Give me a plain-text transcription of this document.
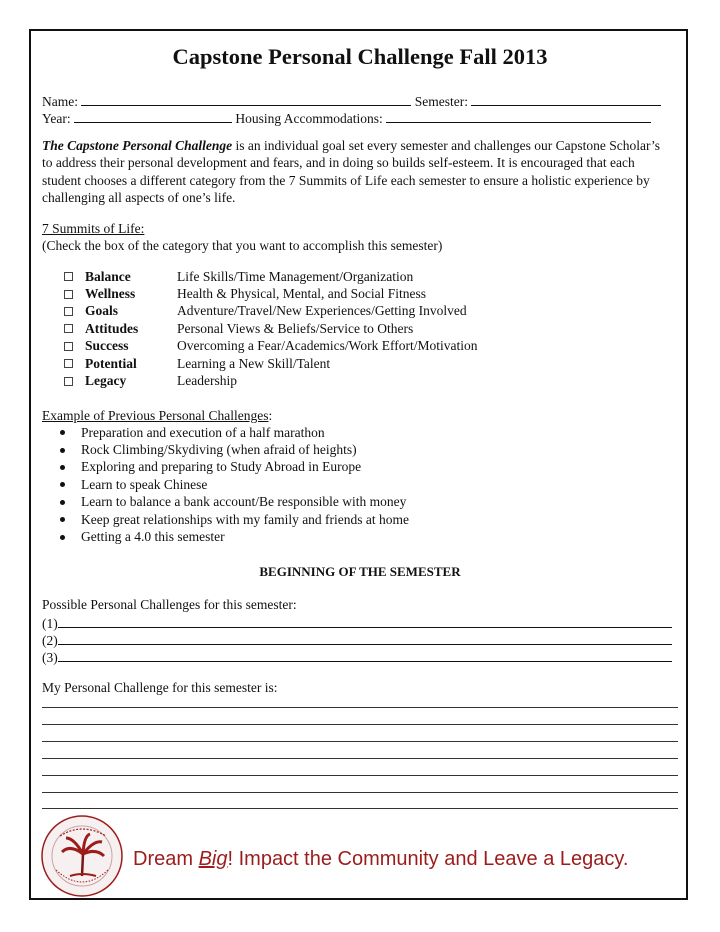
Capstone Personal Challenge Fall 2013
Name:	Semester:
Year:	Housing Accommodations:
The Capstone Personal Challenge is an individual goal set every semester and challenges our Capstone Scholar’s to address their personal development and fears, and in doing so builds self-esteem. It is encouraged that each student chooses a different category from the 7 Summits of Life each semester to ensure a holistic experience by challenging all aspects of one’s life.
7 Summits of Life:
(Check the box of the category that you want to accomplish this semester)
Balance	Life Skills/Time Management/Organization
Wellness	Health & Physical, Mental, and Social Fitness
Goals	Adventure/Travel/New Experiences/Getting Involved
Attitudes	Personal Views & Beliefs/Service to Others
Success	Overcoming a Fear/Academics/Work Effort/Motivation
Potential	Learning a New Skill/Talent
Legacy	Leadership
Example of Previous Personal Challenges:
Preparation and execution of a half marathon
Rock Climbing/Skydiving (when afraid of heights)
Exploring and preparing to Study Abroad in Europe
Learn to speak Chinese
Learn to balance a bank account/Be responsible with money
Keep great relationships with my family and friends at home
Getting a 4.0 this semester
BEGINNING OF THE SEMESTER
Possible Personal Challenges for this semester:
(1)
(2)
(3)
My Personal Challenge for this semester is:
Dream Big! Impact the Community and Leave a Legacy.
